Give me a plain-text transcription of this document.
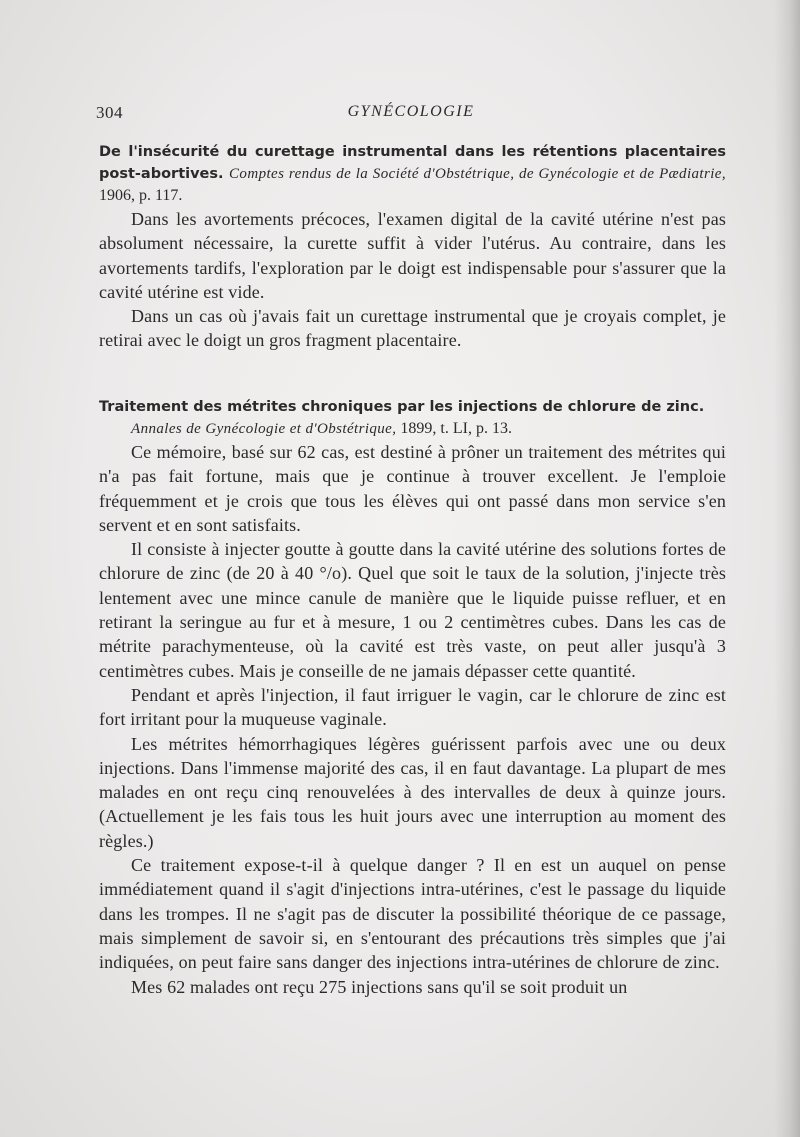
304	GYNÉCOLOGIE

De l'insécurité du curettage instrumental dans les rétentions placentaires post-abortives. Comptes rendus de la Société d'Obstétrique, de Gynécologie et de Pædiatrie, 1906, p. 117.

Dans les avortements précoces, l'examen digital de la cavité utérine n'est pas absolument nécessaire, la curette suffit à vider l'utérus. Au contraire, dans les avortements tardifs, l'exploration par le doigt est indispensable pour s'assurer que la cavité utérine est vide.

Dans un cas où j'avais fait un curettage instrumental que je croyais complet, je retirai avec le doigt un gros fragment placentaire.

Traitement des métrites chroniques par les injections de chlorure de zinc.

Annales de Gynécologie et d'Obstétrique, 1899, t. LI, p. 13.

Ce mémoire, basé sur 62 cas, est destiné à prôner un traitement des métrites qui n'a pas fait fortune, mais que je continue à trouver excellent. Je l'emploie fréquemment et je crois que tous les élèves qui ont passé dans mon service s'en servent et en sont satisfaits.

Il consiste à injecter goutte à goutte dans la cavité utérine des solutions fortes de chlorure de zinc (de 20 à 40 °/o). Quel que soit le taux de la solution, j'injecte très lentement avec une mince canule de manière que le liquide puisse refluer, et en retirant la seringue au fur et à mesure, 1 ou 2 centimètres cubes. Dans les cas de métrite parachymenteuse, où la cavité est très vaste, on peut aller jusqu'à 3 centimètres cubes. Mais je conseille de ne jamais dépasser cette quantité.

Pendant et après l'injection, il faut irriguer le vagin, car le chlorure de zinc est fort irritant pour la muqueuse vaginale.

Les métrites hémorrhagiques légères guérissent parfois avec une ou deux injections. Dans l'immense majorité des cas, il en faut davantage. La plupart de mes malades en ont reçu cinq renouvelées à des intervalles de deux à quinze jours. (Actuellement je les fais tous les huit jours avec une interruption au moment des règles.)

Ce traitement expose-t-il à quelque danger ? Il en est un auquel on pense immédiatement quand il s'agit d'injections intra-utérines, c'est le passage du liquide dans les trompes. Il ne s'agit pas de discuter la possibilité théorique de ce passage, mais simplement de savoir si, en s'entourant des précautions très simples que j'ai indiquées, on peut faire sans danger des injections intra-utérines de chlorure de zinc.

Mes 62 malades ont reçu 275 injections sans qu'il se soit produit un
